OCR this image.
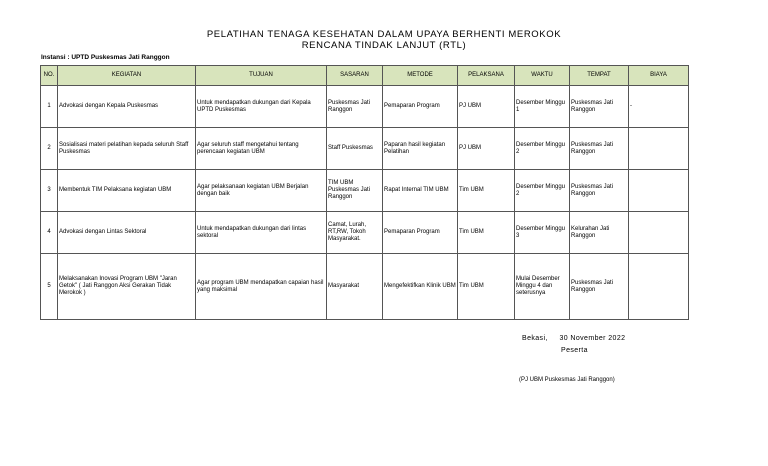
PELATIHAN TENAGA KESEHATAN DALAM UPAYA BERHENTI MEROKOK
RENCANA TINDAK LANJUT (RTL)
Instansi : UPTD Puskesmas Jati Ranggon
NO.	KEGIATAN	TUJUAN	SASARAN	METODE	PELAKSANA	WAKTU	TEMPAT	BIAYA
1	Advokasi dengan Kepala Puskesmas	Untuk mendapatkan dukungan dari Kepala UPTD Puskesmas	Puskesmas Jati Ranggon	Pemaparan Program	PJ UBM	Desember Minggu 1	Puskesmas Jati Ranggon	-
2	Sosialisasi materi pelatihan kepada seluruh Staff Puskesmas	Agar seluruh staff mengetahui tentang perencaan kegiatan UBM	Staff Puskesmas	Paparan hasil kegiatan Pelatihan	PJ UBM	Desember Minggu 2	Puskesmas Jati Ranggon	
3	Membentuk TIM Pelaksana kegiatan UBM	Agar pelaksanaan kegiatan UBM Berjalan dengan baik	TIM UBM Puskesmas Jati Ranggon	Rapat Internal TIM UBM	Tim UBM	Desember Minggu 2	Puskesmas Jati Ranggon	
4	Advokasi dengan Lintas Sektoral	Untuk mendapatkan dukungan dari lintas sektoral	Camat, Lurah, RT,RW, Tokoh Masyarakat.	Pemaparan Program	Tim UBM	Desember Minggu 3	Kelurahan Jati Ranggon	
5	Melaksanakan Inovasi Program UBM "Jaran Getok" ( Jati Ranggon Aksi Gerakan Tidak Merokok )	Agar program UBM mendapatkan capaian hasil yang maksimal	Masyarakat	Mengefektifkan Klinik UBM	Tim UBM	Mulai Desember Minggu 4 dan seterusnya	Puskesmas Jati Ranggon	
Bekasi,     30 November 2022
Peserta
(PJ UBM Puskesmas Jati Ranggon)
